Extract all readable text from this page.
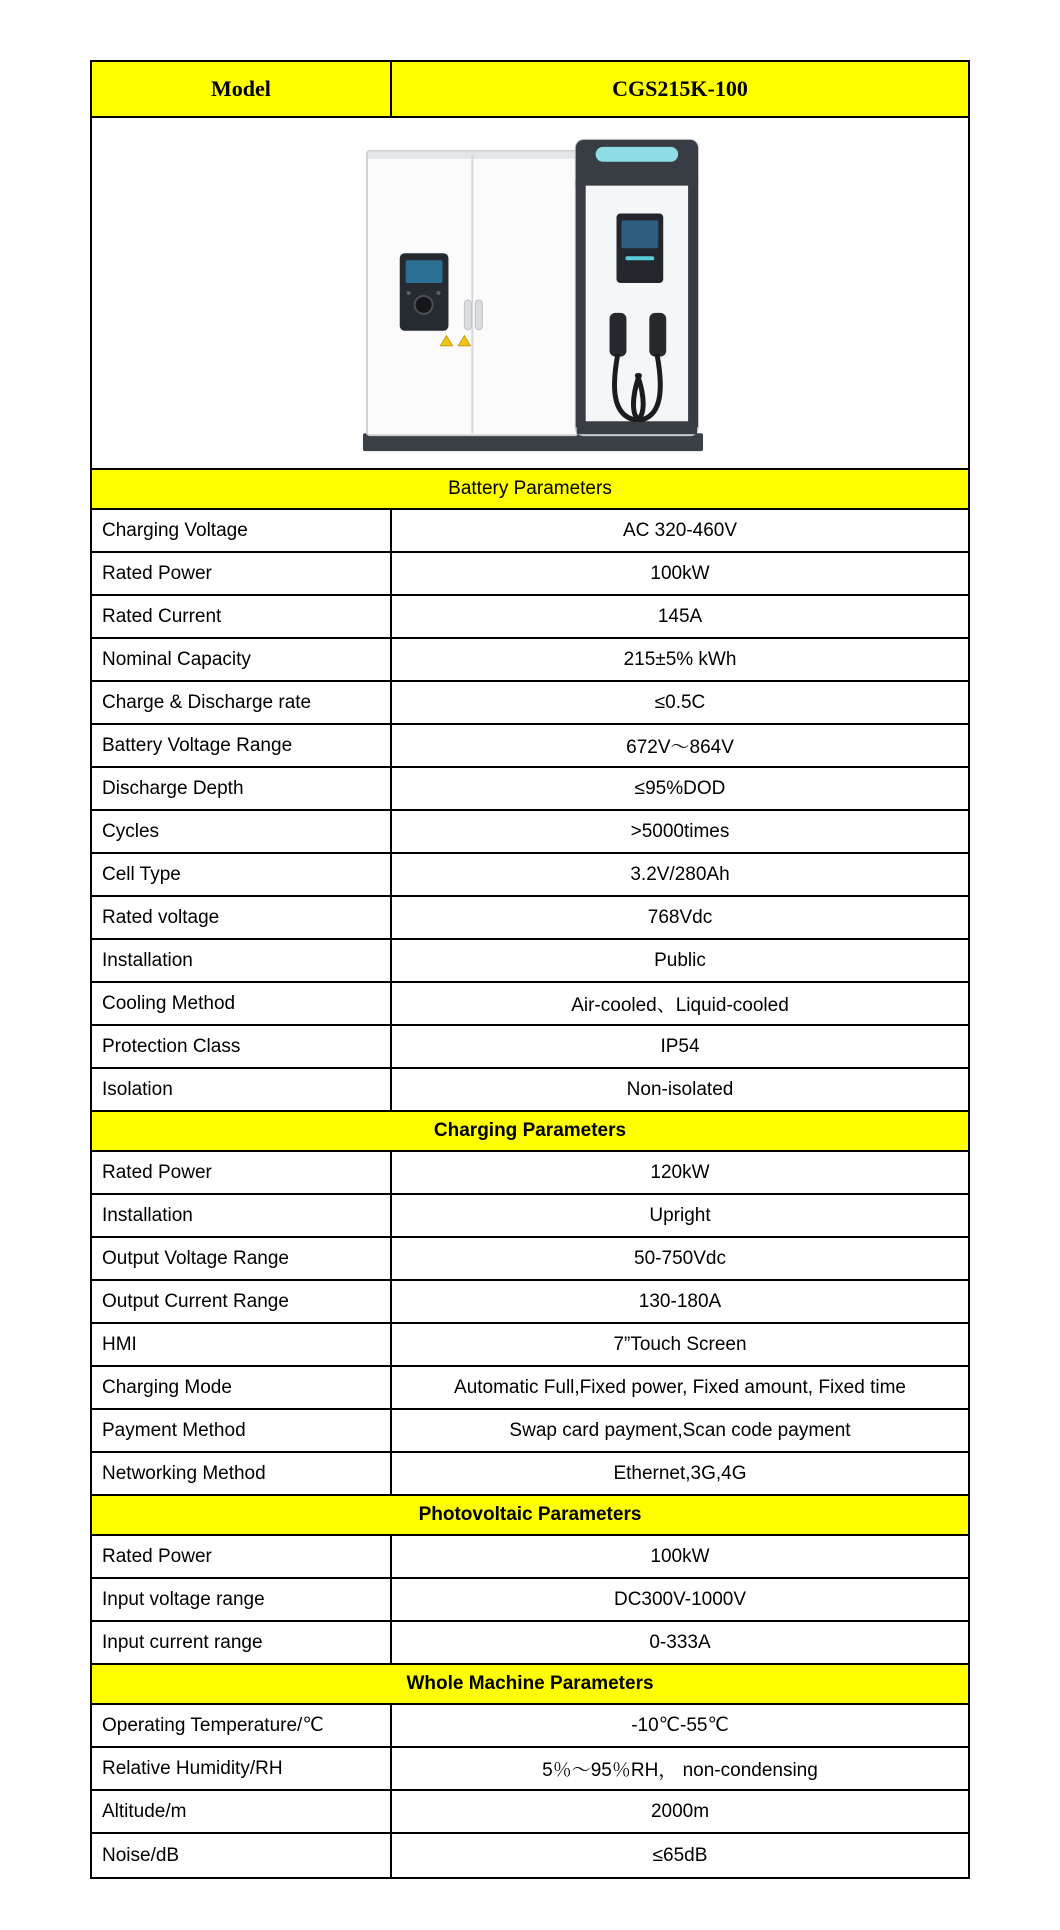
Model	CGS215K-100
Battery Parameters
Charging Voltage	AC 320-460V
Rated Power	100kW
Rated Current	145A
Nominal Capacity	215±5% kWh
Charge & Discharge rate	≤0.5C
Battery Voltage Range	672V～864V
Discharge Depth	≤95%DOD
Cycles	>5000times
Cell Type	3.2V/280Ah
Rated voltage	768Vdc
Installation	Public
Cooling Method	Air-cooled、Liquid-cooled
Protection Class	IP54
Isolation	Non-isolated
Charging Parameters
Rated Power	120kW
Installation	Upright
Output Voltage Range	50-750Vdc
Output Current Range	130-180A
HMI	7”Touch Screen
Charging Mode	Automatic Full,Fixed power, Fixed amount, Fixed time
Payment Method	Swap card payment,Scan code payment
Networking Method	Ethernet,3G,4G
Photovoltaic Parameters
Rated Power	100kW
Input voltage range	DC300V-1000V
Input current range	0-333A
Whole Machine Parameters
Operating Temperature/℃	-10℃-55℃
Relative Humidity/RH	5％～95％RH， non-condensing
Altitude/m	2000m
Noise/dB	≤65dB
